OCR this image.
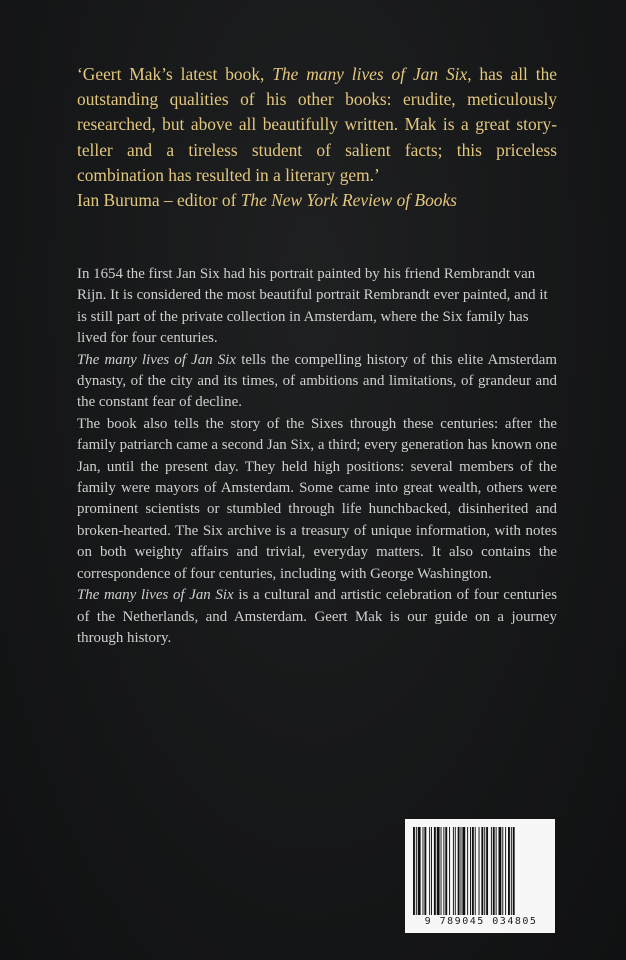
‘Geert Mak’s latest book, The many lives of Jan Six, has all the outstanding qualities of his other books: erudite, meticulously researched, but above all beautifully written. Mak is a great story-teller and a tireless student of salient facts; this priceless combination has resulted in a literary gem.’

Ian Buruma – editor of The New York Review of Books

In 1654 the first Jan Six had his portrait painted by his friend Rembrandt van Rijn. It is considered the most beautiful portrait Rembrandt ever painted, and it is still part of the private collection in Amsterdam, where the Six family has lived for four centuries.

The many lives of Jan Six tells the compelling history of this elite Amsterdam dynasty, of the city and its times, of ambitions and limitations, of grandeur and the constant fear of decline.

The book also tells the story of the Sixes through these centuries: after the family patriarch came a second Jan Six, a third; every generation has known one Jan, until the present day. They held high positions: several members of the family were mayors of Amsterdam. Some came into great wealth, others were prominent scientists or stumbled through life hunchbacked, disinherited and broken-hearted. The Six archive is a treasury of unique information, with notes on both weighty affairs and trivial, everyday matters. It also contains the correspondence of four centuries, including with George Washington.

The many lives of Jan Six is a cultural and artistic celebration of four centuries of the Netherlands, and Amsterdam. Geert Mak is our guide on a journey through history.

9 789045 034805
